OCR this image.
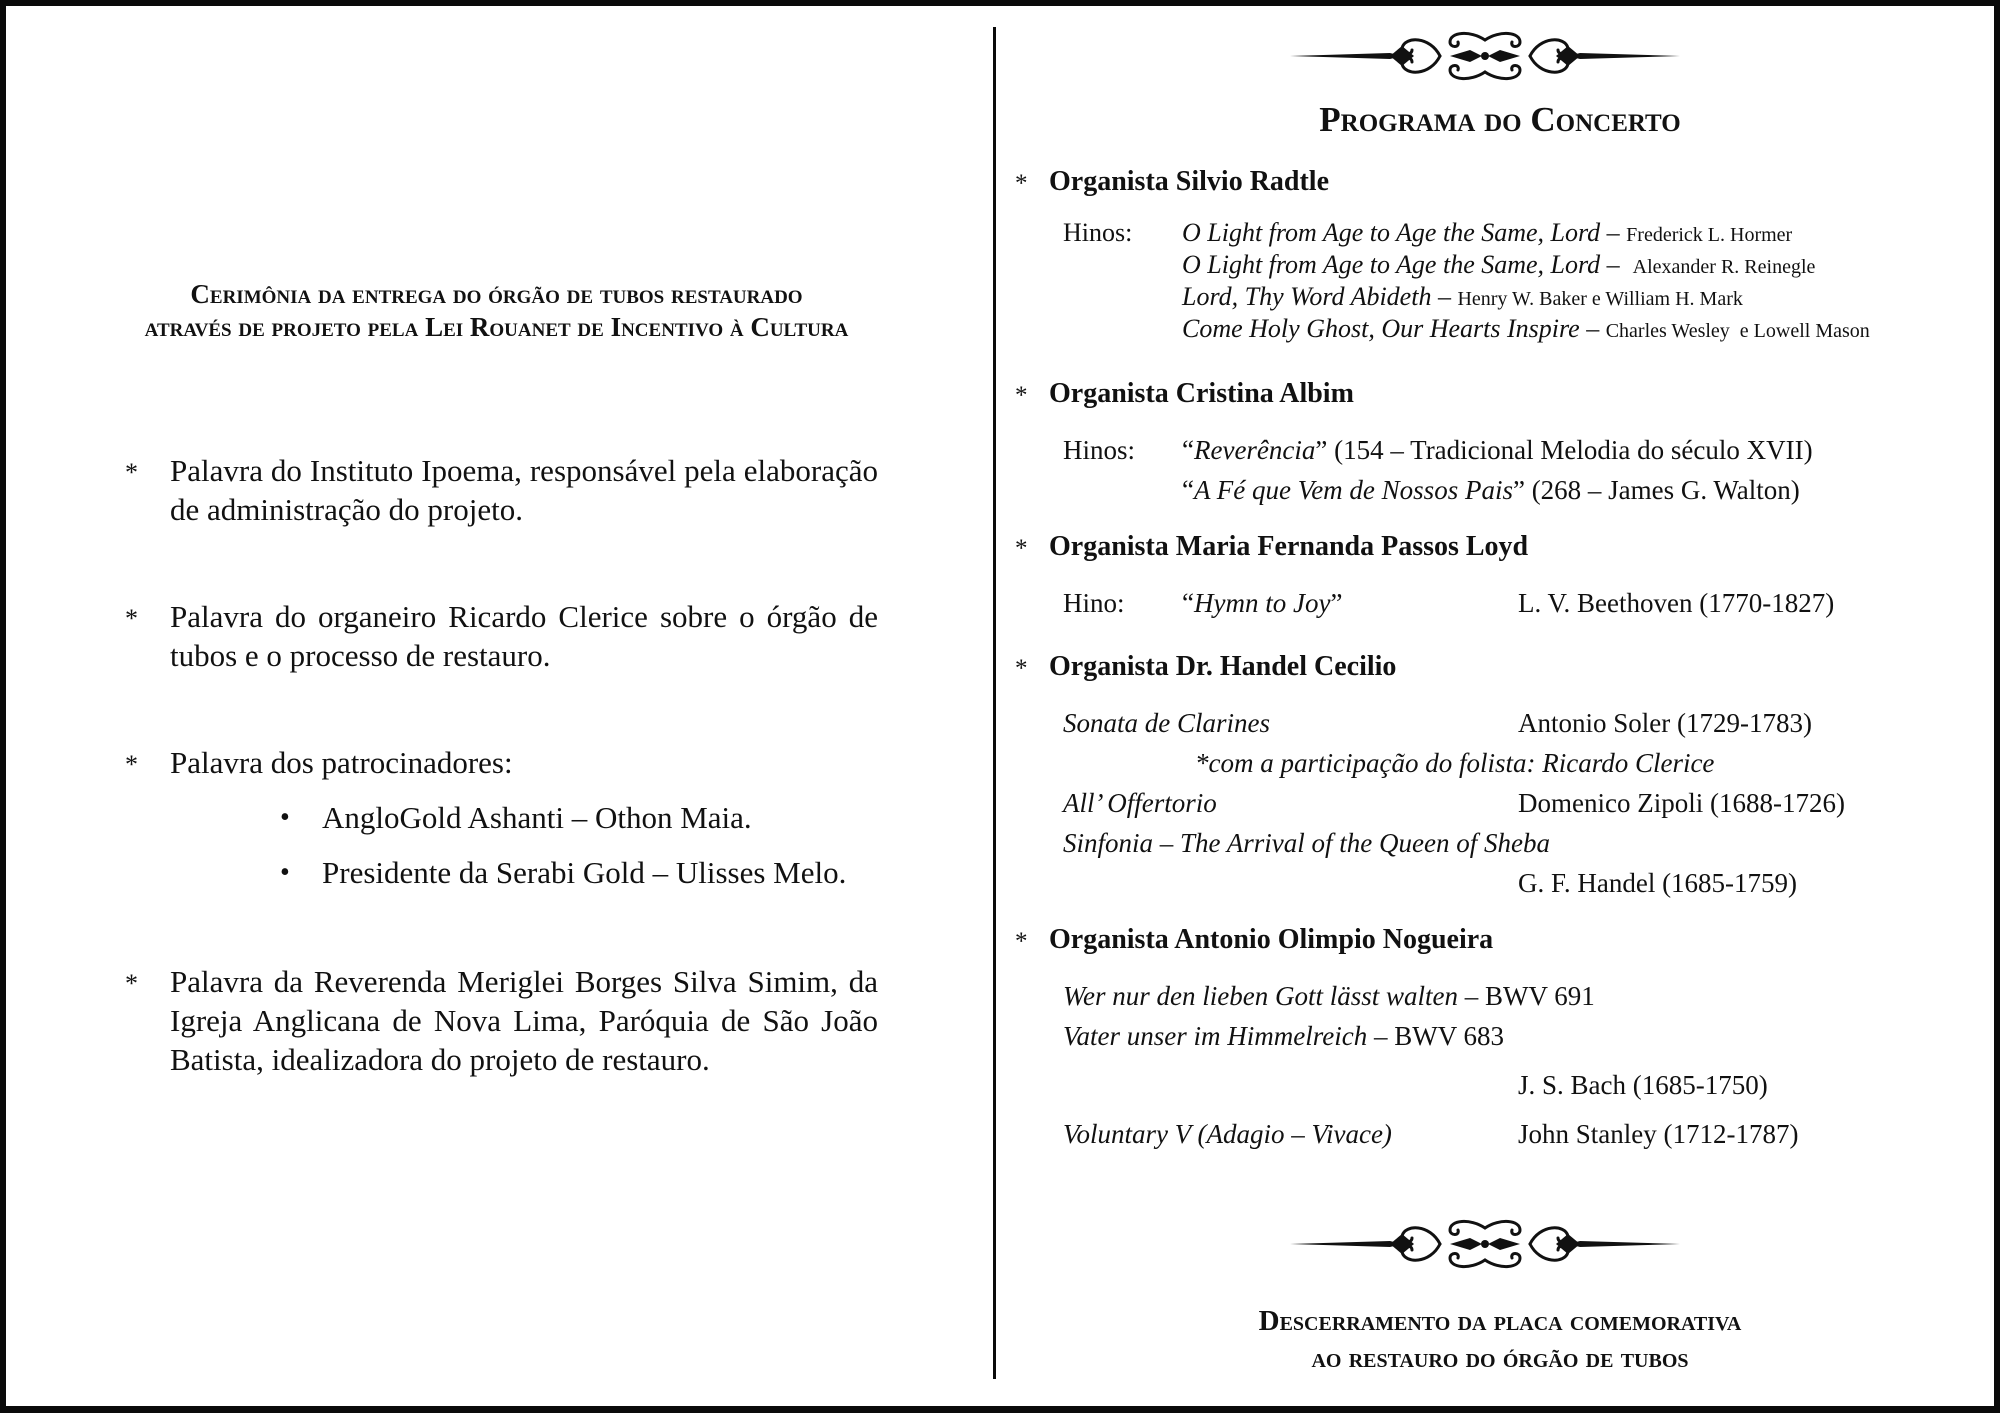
Cerimônia da entrega do órgão de tubos restaurado
através de projeto pela Lei Rouanet de Incentivo à Cultura
* Palavra do Instituto Ipoema, responsável pela elaboração de administração do projeto.
* Palavra do organeiro Ricardo Clerice sobre o órgão de tubos e o processo de restauro.
* Palavra dos patrocinadores:
• AngloGold Ashanti – Othon Maia.
• Presidente da Serabi Gold – Ulisses Melo.
* Palavra da Reverenda Meriglei Borges Silva Simim, da Igreja Anglicana de Nova Lima, Paróquia de São João Batista, idealizadora do projeto de restauro.
Programa do Concerto
* Organista Silvio Radtle
Hinos: O Light from Age to Age the Same, Lord – Frederick L. Hormer
O Light from Age to Age the Same, Lord –  Alexander R. Reinegle
Lord, Thy Word Abideth – Henry W. Baker e William H. Mark
Come Holy Ghost, Our Hearts Inspire – Charles Wesley  e Lowell Mason
* Organista Cristina Albim
Hinos: “Reverência” (154 – Tradicional Melodia do século XVII)
“A Fé que Vem de Nossos Pais” (268 – James G. Walton)
* Organista Maria Fernanda Passos Loyd
Hino: “Hymn to Joy”	L. V. Beethoven (1770-1827)
* Organista Dr. Handel Cecilio
Sonata de Clarines	Antonio Soler (1729-1783)
*com a participação do folista: Ricardo Clerice
All’ Offertorio	Domenico Zipoli (1688-1726)
Sinfonia – The Arrival of the Queen of Sheba
G. F. Handel (1685-1759)
* Organista Antonio Olimpio Nogueira
Wer nur den lieben Gott lässt walten – BWV 691
Vater unser im Himmelreich – BWV 683
J. S. Bach (1685-1750)
Voluntary V (Adagio – Vivace)	John Stanley (1712-1787)
Descerramento da placa comemorativa
ao restauro do órgão de tubos
